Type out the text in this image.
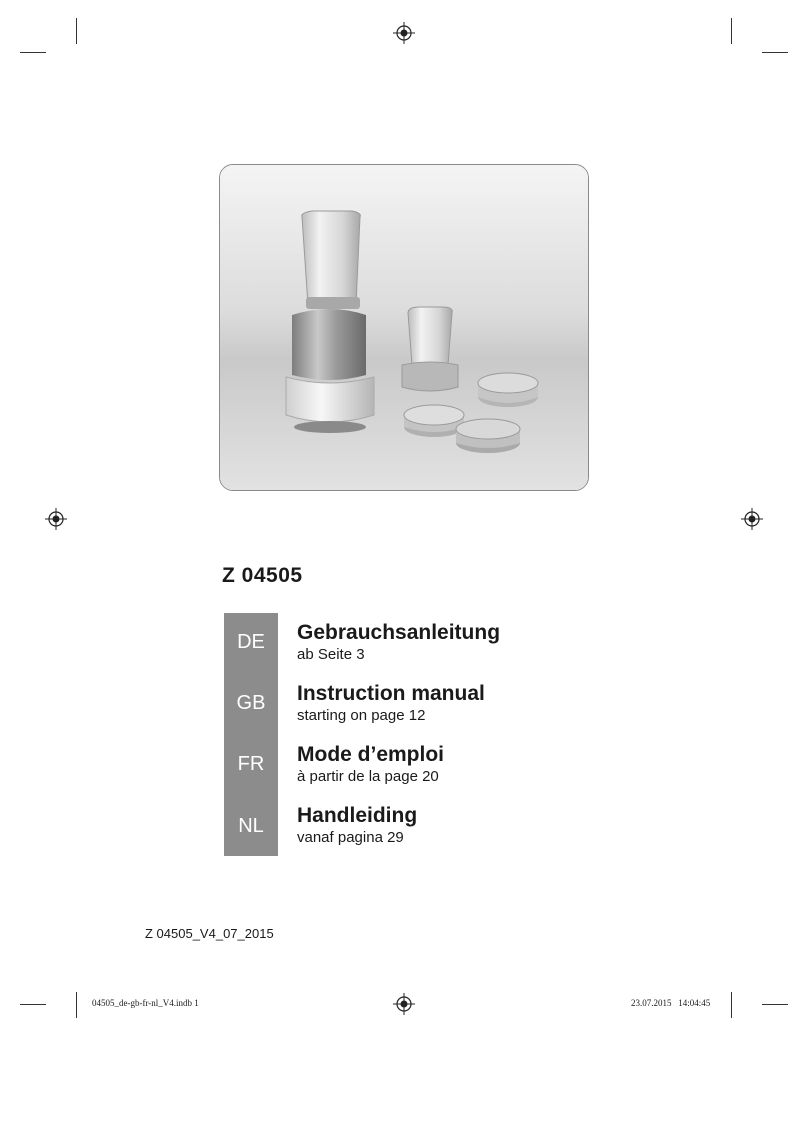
Z 04505
DE	Gebrauchsanleitung
ab Seite 3
GB	Instruction manual
starting on page 12
FR	Mode d’emploi
à partir de la page 20
NL	Handleiding
vanaf pagina 29
Z 04505_V4_07_2015
04505_de-gb-fr-nl_V4.indb 1	23.07.2015   14:04:45
